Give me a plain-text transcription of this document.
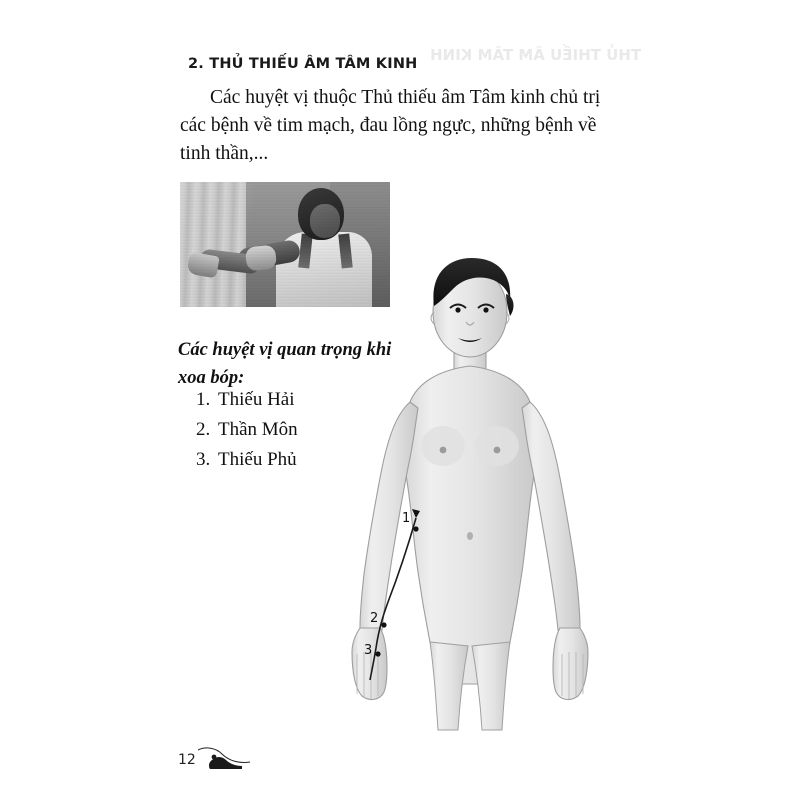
THỦ THIẾU ÂM TÂM KINH
2. THỦ THIẾU ÂM TÂM KINH
Các huyệt vị thuộc Thủ thiếu âm Tâm kinh chủ trị các bệnh về tim mạch, đau lồng ngực, những bệnh về tinh thần,...
Các huyệt vị quan trọng khi xoa bóp:
1. Thiếu Hải
2. Thần Môn
3. Thiếu Phủ
1
2
3
12
